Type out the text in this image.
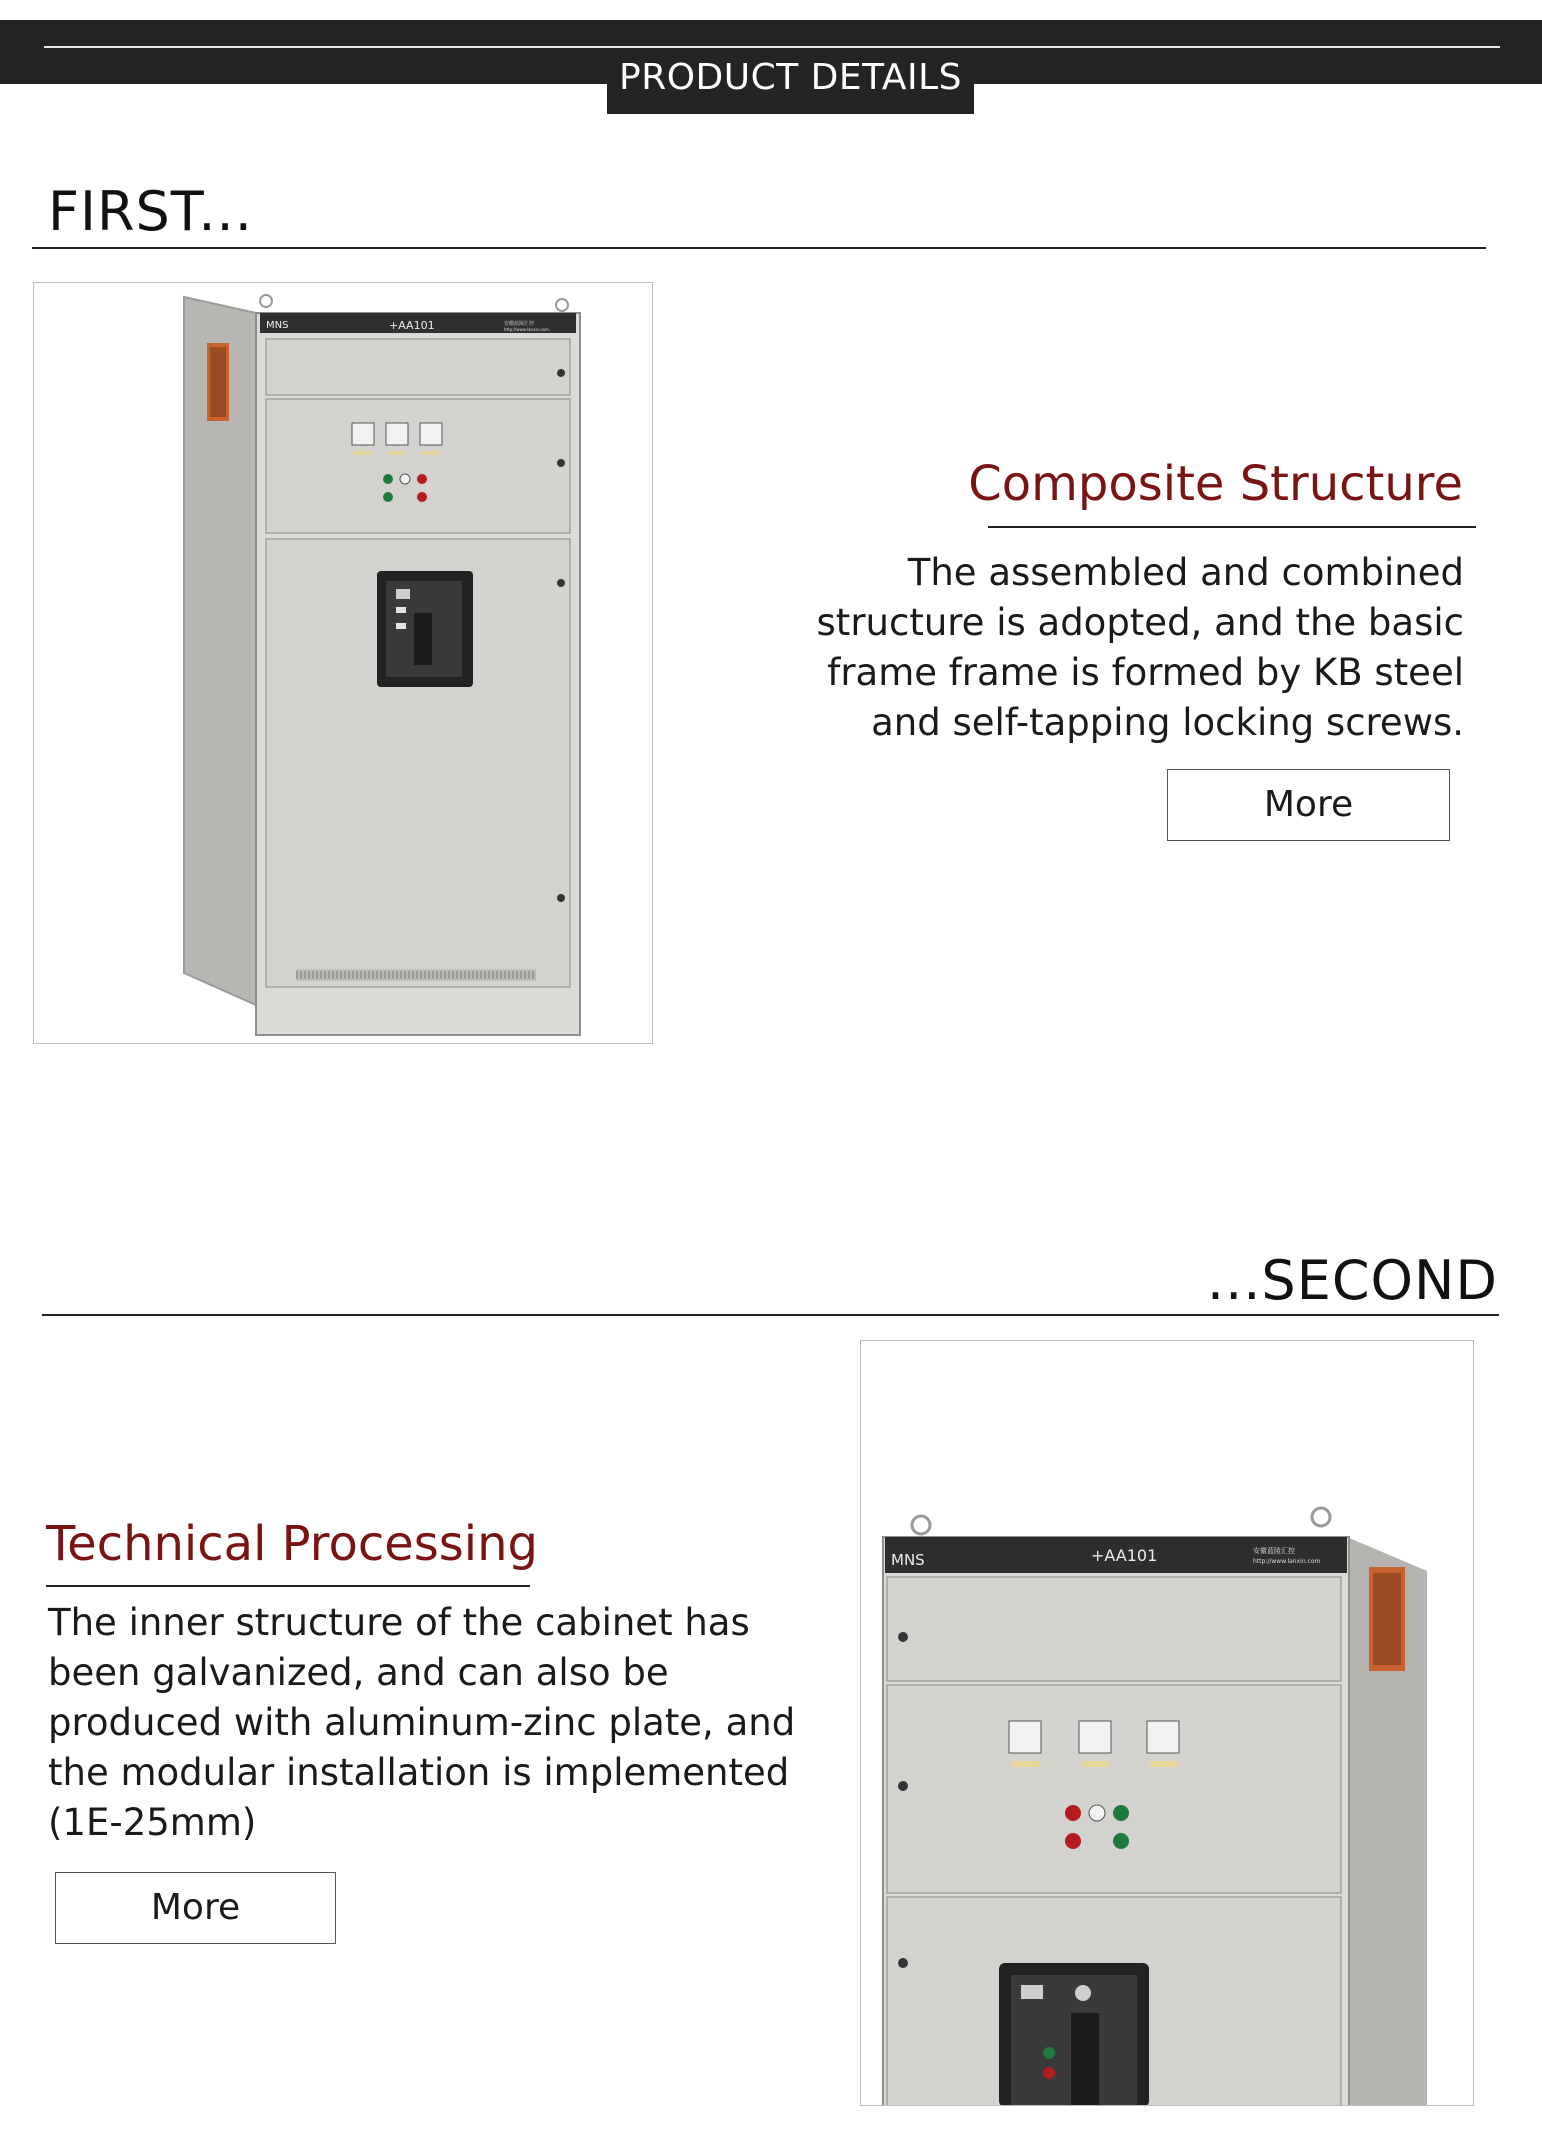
PRODUCT DETAILS
FIRST...
MNS	+AA101	安徽蓝陵汇控
http://www.lanxin.com
Composite Structure
The assembled and combined
structure is adopted, and the basic
frame frame is formed by KB steel
and self-tapping locking screws.
More
...SECOND
Technical Processing
The inner structure of the cabinet has
been galvanized, and can also be
produced with aluminum-zinc plate, and
the modular installation is implemented
(1E-25mm)
More
MNS	+AA101	安徽蓝陵汇控
http://www.lanxin.com
